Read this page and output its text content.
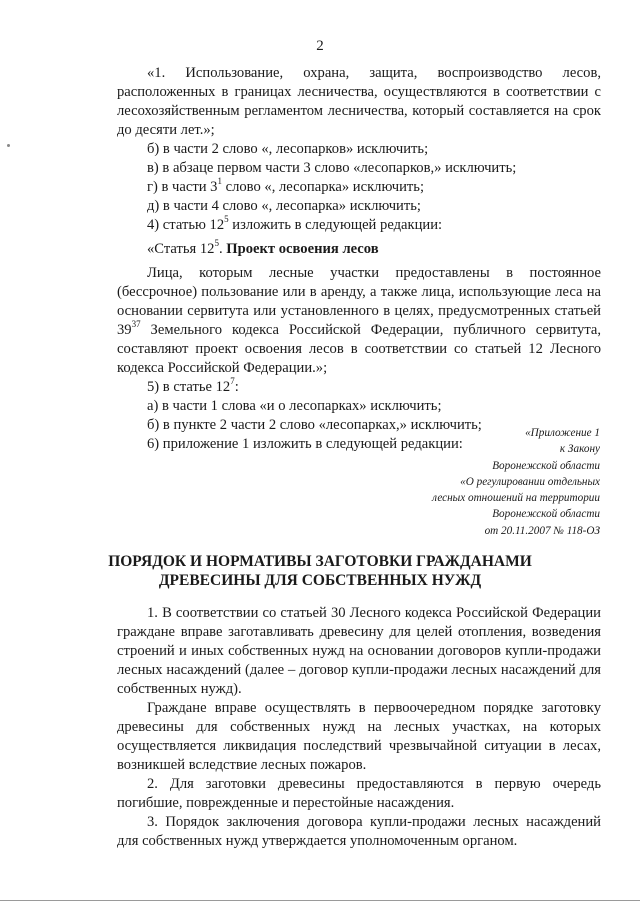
2

«1. Использование, охрана, защита, воспроизводство лесов, расположенных в границах лесничества, осуществляются в соответствии с лесохозяйственным регламентом лесничества, который составляется на срок до десяти лет.»;

б) в части 2 слово «, лесопарков» исключить;

в) в абзаце первом части 3 слово «лесопарков,» исключить;

г) в части $3^1$ слово «, лесопарка» исключить;

д) в части 4 слово «, лесопарка» исключить;

4) статью $12^5$ изложить в следующей редакции:

«Статья $12^5$. Проект освоения лесов

Лица, которым лесные участки предоставлены в постоянное (бессрочное) пользование или в аренду, а также лица, использующие леса на основании сервитута или установленного в целях, предусмотренных статьей $39^{37}$ Земельного кодекса Российской Федерации, публичного сервитута, составляют проект освоения лесов в соответствии со статьей 12 Лесного кодекса Российской Федерации.»;

5) в статье $12^7$:

а) в части 1 слова «и о лесопарках» исключить;

б) в пункте 2 части 2 слово «лесопарках,» исключить;

6) приложение 1 изложить в следующей редакции:

«Приложение 1
к Закону
Воронежской области
«О регулировании отдельных
лесных отношений на территории
Воронежской области
от 20.11.2007 № 118-ОЗ
ПОРЯДОК И НОРМАТИВЫ ЗАГОТОВКИ ГРАЖДАНАМИ
ДРЕВЕСИНЫ ДЛЯ СОБСТВЕННЫХ НУЖД

1. В соответствии со статьей 30 Лесного кодекса Российской Федерации граждане вправе заготавливать древесину для целей отопления, возведения строений и иных собственных нужд на основании договоров купли-продажи лесных насаждений (далее – договор купли-продажи лесных насаждений для собственных нужд).

Граждане вправе осуществлять в первоочередном порядке заготовку древесины для собственных нужд на лесных участках, на которых осуществляется ликвидация последствий чрезвычайной ситуации в лесах, возникшей вследствие лесных пожаров.

2. Для заготовки древесины предоставляются в первую очередь погибшие, поврежденные и перестойные насаждения.

3. Порядок заключения договора купли-продажи лесных насаждений для собственных нужд утверждается уполномоченным органом.
